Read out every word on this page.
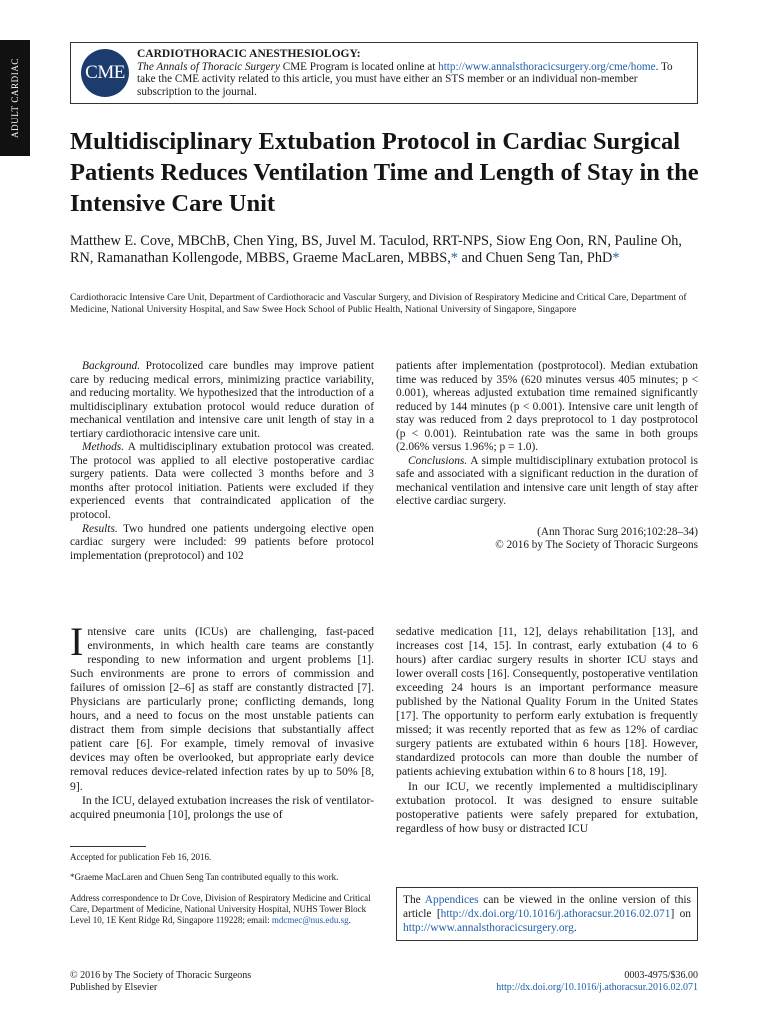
ADULT CARDIAC	CME
CARDIOTHORACIC ANESTHESIOLOGY:
The Annals of Thoracic Surgery CME Program is located online at http://www.annalsthoracicsurgery.org/cme/home. To take the CME activity related to this article, you must have either an STS member or an individual non-member subscription to the journal.
Multidisciplinary Extubation Protocol in Cardiac Surgical Patients Reduces Ventilation Time and Length of Stay in the Intensive Care Unit
Matthew E. Cove, MBChB, Chen Ying, BS, Juvel M. Taculod, RRT-NPS, Siow Eng Oon, RN, Pauline Oh, RN, Ramanathan Kollengode, MBBS, Graeme MacLaren, MBBS,* and Chuen Seng Tan, PhD*
Cardiothoracic Intensive Care Unit, Department of Cardiothoracic and Vascular Surgery, and Division of Respiratory Medicine and Critical Care, Department of Medicine, National University Hospital, and Saw Swee Hock School of Public Health, National University of Singapore, Singapore

Background. Protocolized care bundles may improve patient care by reducing medical errors, minimizing practice variability, and reducing mortality. We hypothesized that the introduction of a multidisciplinary extubation protocol would reduce duration of mechanical ventilation and intensive care unit length of stay in a tertiary cardiothoracic intensive care unit.

Methods. A multidisciplinary extubation protocol was created. The protocol was applied to all elective postoperative cardiac surgery patients. Data were collected 3 months before and 3 months after protocol initiation. Patients were excluded if they experienced events that contraindicated application of the protocol.

Results. Two hundred one patients undergoing elective open cardiac surgery were included: 99 patients before protocol implementation (preprotocol) and 102

patients after implementation (postprotocol). Median extubation time was reduced by 35% (620 minutes versus 405 minutes; p < 0.001), whereas adjusted extubation time remained significantly reduced by 144 minutes (p < 0.001). Intensive care unit length of stay was reduced from 2 days preprotocol to 1 day postprotocol (p < 0.001). Reintubation rate was the same in both groups (2.06% versus 1.96%; p = 1.0).

Conclusions. A simple multidisciplinary extubation protocol is safe and associated with a significant reduction in the duration of mechanical ventilation and intensive care unit length of stay after elective cardiac surgery.

(Ann Thorac Surg 2016;102:28–34)
© 2016 by The Society of Thoracic Surgeons

Intensive care units (ICUs) are challenging, fast-paced environments, in which health care teams are constantly responding to new information and urgent problems [1]. Such environments are prone to errors of commission and failures of omission [2–6] as staff are constantly distracted [7]. Physicians are particularly prone; conflicting demands, long hours, and a need to focus on the most unstable patients can distract them from simple decisions that substantially affect patient care [6]. For example, timely removal of invasive devices may often be overlooked, but appropriate early device removal reduces device-related infection rates by up to 50% [8, 9].

In the ICU, delayed extubation increases the risk of ventilator-acquired pneumonia [10], prolongs the use of

sedative medication [11, 12], delays rehabilitation [13], and increases cost [14, 15]. In contrast, early extubation (4 to 6 hours) after cardiac surgery results in shorter ICU stays and lower overall costs [16]. Consequently, postoperative ventilation exceeding 24 hours is an important performance measure published by the National Quality Forum in the United States [17]. The opportunity to perform early extubation is frequently missed; it was recently reported that as few as 12% of cardiac surgery patients are extubated within 6 hours [18]. However, standardized protocols can more than double the number of patients achieving extubation within 6 to 8 hours [18, 19].

In our ICU, we recently implemented a multidisciplinary extubation protocol. It was designed to ensure suitable postoperative patients were safely prepared for extubation, regardless of how busy or distracted ICU

Accepted for publication Feb 16, 2016.

*Graeme MacLaren and Chuen Seng Tan contributed equally to this work.

Address correspondence to Dr Cove, Division of Respiratory Medicine and Critical Care, Department of Medicine, National University Hospital, NUHS Tower Block Level 10, 1E Kent Ridge Rd, Singapore 119228; email: mdcmec@nus.edu.sg.

The Appendices can be viewed in the online version of this article [http://dx.doi.org/10.1016/j.athoracsur.2016.02.071] on http://www.annalsthoracicsurgery.org.
© 2016 by The Society of Thoracic Surgeons
Published by Elsevier
0003-4975/$36.00
http://dx.doi.org/10.1016/j.athoracsur.2016.02.071
